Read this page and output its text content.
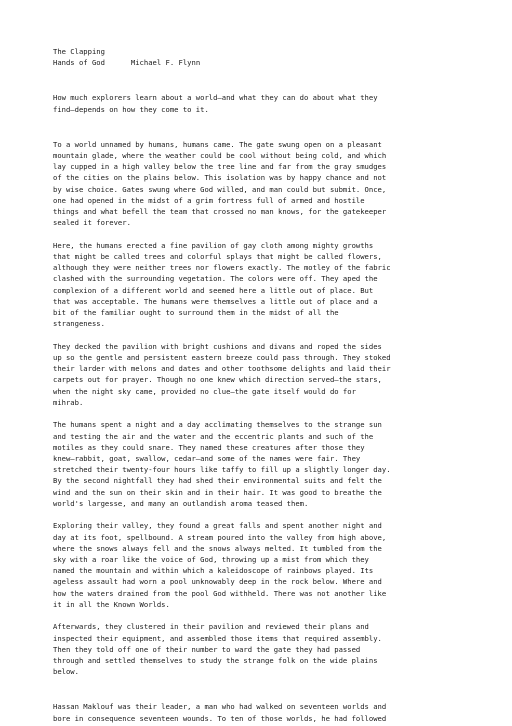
The Clapping
Hands of God	Michael F. Flynn
How much explorers learn about a world—and what they can do about what they
find—depends on how they come to it.
To a world unnamed by humans, humans came. The gate swung open on a pleasant
mountain glade, where the weather could be cool without being cold, and which
lay cupped in a high valley below the tree line and far from the gray smudges
of the cities on the plains below. This isolation was by happy chance and not
by wise choice. Gates swung where God willed, and man could but submit. Once,
one had opened in the midst of a grim fortress full of armed and hostile
things and what befell the team that crossed no man knows, for the gatekeeper
sealed it forever.
Here, the humans erected a fine pavilion of gay cloth among mighty growths
that might be called trees and colorful splays that might be called flowers,
although they were neither trees nor flowers exactly. The motley of the fabric
clashed with the surrounding vegetation. The colors were off. They aped the
complexion of a different world and seemed here a little out of place. But
that was acceptable. The humans were themselves a little out of place and a
bit of the familiar ought to surround them in the midst of all the
strangeness.
They decked the pavilion with bright cushions and divans and roped the sides
up so the gentle and persistent eastern breeze could pass through. They stoked
their larder with melons and dates and other toothsome delights and laid their
carpets out for prayer. Though no one knew which direction served—the stars,
when the night sky came, provided no clue—the gate itself would do for
mihrab.
The humans spent a night and a day acclimating themselves to the strange sun
and testing the air and the water and the eccentric plants and such of the
motiles as they could snare. They named these creatures after those they
knew—rabbit, goat, swallow, cedar—and some of the names were fair. They
stretched their twenty-four hours like taffy to fill up a slightly longer day.
By the second nightfall they had shed their environmental suits and felt the
wind and the sun on their skin and in their hair. It was good to breathe the
world's largesse, and many an outlandish aroma teased them.
Exploring their valley, they found a great falls and spent another night and
day at its foot, spellbound. A stream poured into the valley from high above,
where the snows always fell and the snows always melted. It tumbled from the
sky with a roar like the voice of God, throwing up a mist from which they
named the mountain and within which a kaleidoscope of rainbows played. Its
ageless assault had worn a pool unknowably deep in the rock below. Where and
how the waters drained from the pool God withheld. There was not another like
it in all the Known Worlds.
Afterwards, they clustered in their pavilion and reviewed their plans and
inspected their equipment, and assembled those items that required assembly.
Then they told off one of their number to ward the gate they had passed
through and settled themselves to study the strange folk on the wide plains
below.
Hassan Maklouf was their leader, a man who had walked on seventeen worlds and
bore in consequence seventeen wounds. To ten of those worlds, he had followed
